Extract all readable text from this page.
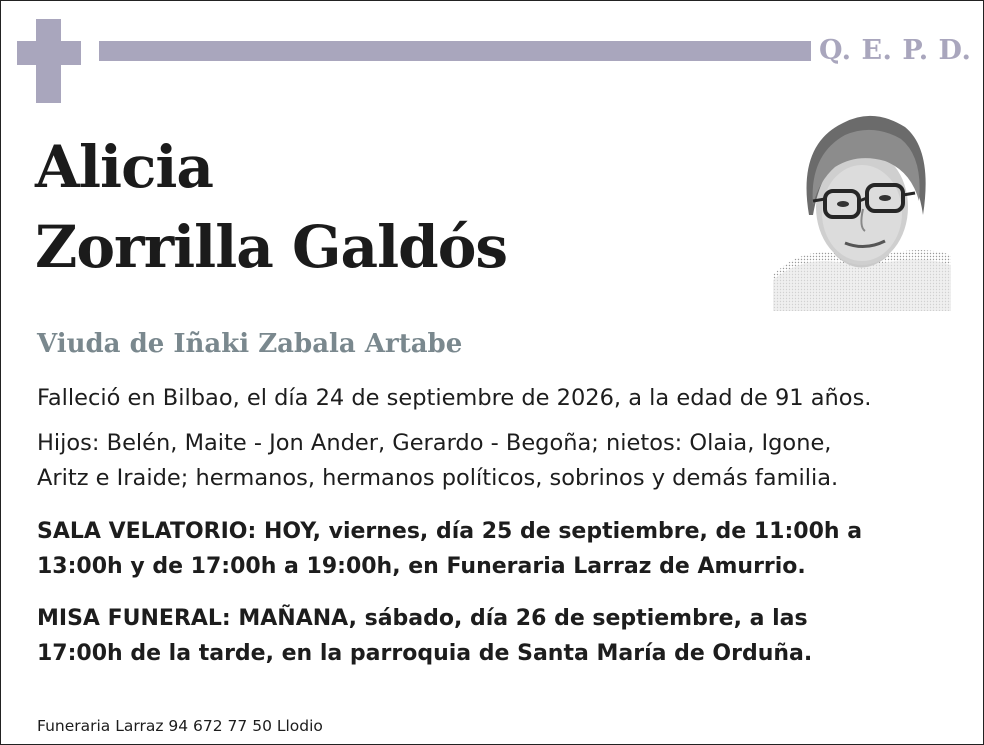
Q. E. P. D.
Alicia
Zorrilla Galdós
Viuda de Iñaki Zabala Artabe
Falleció en Bilbao, el día 24 de septiembre de 2026, a la edad de 91 años.
Hijos: Belén, Maite - Jon Ander, Gerardo - Begoña; nietos: Olaia, Igone,
Aritz e Iraide; hermanos, hermanos políticos, sobrinos y demás familia.
SALA VELATORIO: HOY, viernes, día 25 de septiembre, de 11:00h a
13:00h y de 17:00h a 19:00h, en Funeraria Larraz de Amurrio.
MISA FUNERAL: MAÑANA, sábado, día 26 de septiembre, a las
17:00h de la tarde, en la parroquia de Santa María de Orduña.
Funeraria Larraz 94 672 77 50 Llodio
